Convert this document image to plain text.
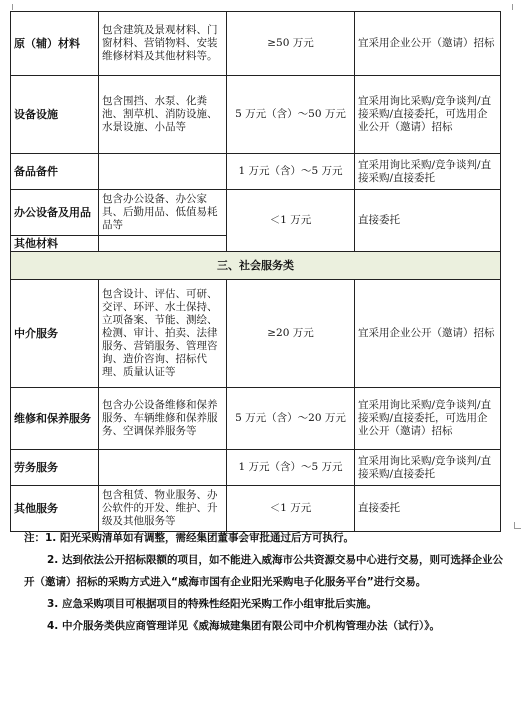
原（辅）材料	包含建筑及景观材料、门窗材料、营销物料、安装维修材料及其他材料等。	≥50 万元	宜采用企业公开（邀请）招标
设备设施	包含围挡、水泵、化粪池、割草机、消防设施、水景设施、小品等	5 万元（含）～50 万元	宜采用询比采购/竞争谈判/直接采购/直接委托，可选用企业公开（邀请）招标
备品备件		1 万元（含）～5 万元	宜采用询比采购/竞争谈判/直接采购/直接委托
办公设备及用品	包含办公设备、办公家具、后勤用品、低值易耗品等	＜1 万元	直接委托
其他材料			
三、社会服务类			
中介服务	包含设计、评估、可研、交评、环评、水土保持、立项备案、节能、测绘、检测、审计、拍卖、法律服务、营销服务、管理咨询、造价咨询、招标代理、质量认证等	≥20 万元	宜采用企业公开（邀请）招标
维修和保养服务	包含办公设备维修和保养服务、车辆维修和保养服务、空调保养服务等	5 万元（含）～20 万元	宜采用询比采购/竞争谈判/直接采购/直接委托，可选用企业公开（邀请）招标
劳务服务		1 万元（含）～5 万元	宜采用询比采购/竞争谈判/直接采购/直接委托
其他服务	包含租赁、物业服务、办公软件的开发、维护、升级及其他服务等	＜1 万元	直接委托

注：1. 阳光采购清单如有调整，需经集团董事会审批通过后方可执行。

2. 达到依法公开招标限额的项目，如不能进入威海市公共资源交易中心进行交易，则可选择企业公开（邀请）招标的采购方式进入“威海市国有企业阳光采购电子化服务平台”进行交易。

3. 应急采购项目可根据项目的特殊性经阳光采购工作小组审批后实施。

4. 中介服务类供应商管理详见《威海城建集团有限公司中介机构管理办法（试行）》。
